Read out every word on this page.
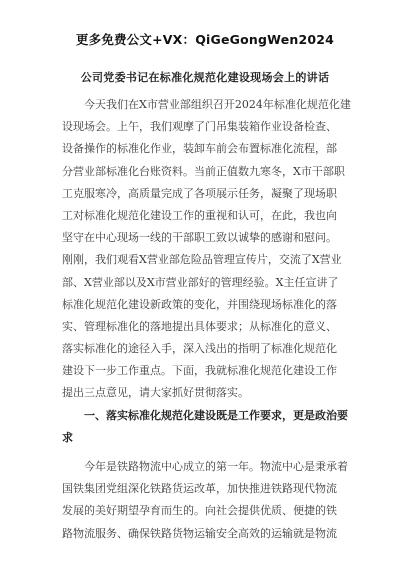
更多免费公文+VX：QiGeGongWen2024
公司党委书记在标准化规范化建设现场会上的讲话
　　今天我们在X市营业部组织召开2024年标准化规范化建
设现场会。上午，我们观摩了门吊集装箱作业设备检查、
设备操作的标准化作业，装卸车前会布置标准化流程，部
分营业部标准化台账资料。当前正值数九寒冬，X市干部职
工克服寒冷，高质量完成了各项展示任务，凝聚了现场职
工对标准化规范化建设工作的重视和认可，在此，我也向
坚守在中心现场一线的干部职工致以诚挚的感谢和慰问。
刚刚，我们观看X营业部危险品管理宣传片，交流了X营业
部、X营业部以及X市营业部好的管理经验。X主任宣讲了
标准化规范化建设新政策的变化，并围绕现场标准化的落
实、管理标准化的落地提出具体要求；从标准化的意义、
落实标准化的途径入手，深入浅出的指明了标准化规范化
建设下一步工作重点。下面，我就标准化规范化建设工作
提出三点意见，请大家抓好贯彻落实。
　　一、落实标准化规范化建设既是工作要求，更是政治要
求
　　今年是铁路物流中心成立的第一年。物流中心是秉承着
国铁集团党组深化铁路货运改革，加快推进铁路现代物流
发展的美好期望孕育而生的。向社会提供优质、便捷的铁
路物流服务、确保铁路货物运输安全高效的运输就是物流
